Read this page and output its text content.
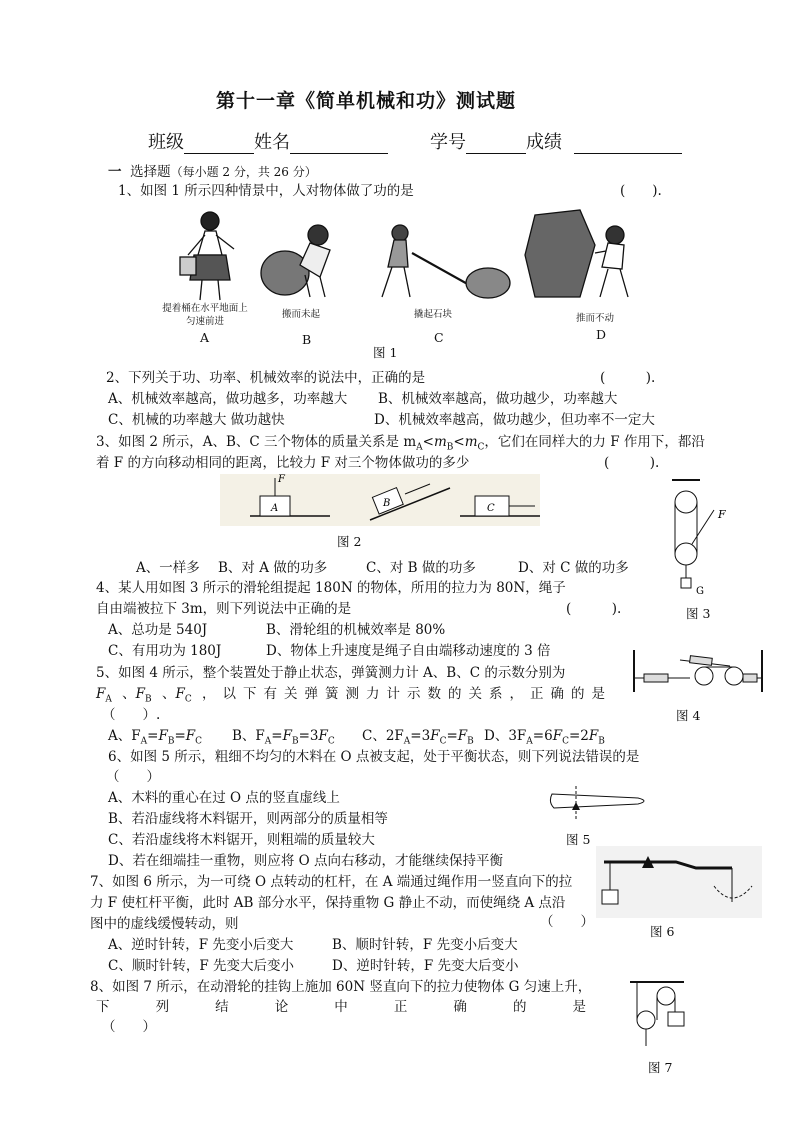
第十一章《简单机械和功》测试题
班级	姓名	学号	成绩
一 选择题（每小题 2 分，共 26 分）
1、如图 1 所示四种情景中，人对物体做了功的是	(　　).
提着桶在水平地面上匀速前进
搬而未起	撬起石块	推而不动
A	B	C	D
图 1
2、下列关于功、功率、机械效率的说法中，正确的是	(　　　).
A、机械效率越高，做功越多，功率越大 B、机械效率越高，做功越少，功率越大
C、机械的功率越大 做功越快	D、机械效率越高，做功越少，但功率不一定大
3、如图 2 所示，A、B、C 三个物体的质量关系是 $m_A<m_B<m_C$，它们在同样大的力 F 作用下，都沿
着 F 的方向移动相同的距离，比较力 F 对三个物体做功的多少	(　　　).
F
A	B	C
图 2
A、一样多 B、对 A 做的功多	C、对 B 做的功多	D、对 C 做的功多
F
G
图 3
4、某人用如图 3 所示的滑轮组提起 180N 的物体，所用的拉力为 80N，绳子
自由端被拉下 3m，则下列说法中正确的是	(　　　).
A、总功是 540J	B、滑轮组的机械效率是 80%
C、有用功为 180J	D、物体上升速度是绳子自由端移动速度的 3 倍
图 4
5、如图 4 所示，整个装置处于静止状态，弹簧测力计 A、B、C 的示数分别为
$F_A$ 、$F_B$ 、$F_C$ ，以下有关弹簧测力计示数的关系，正确的是
（　　）.
A、$F_A=F_B=F_C$ B、$F_A=F_B=3F_C$ C、$2F_A=3F_C=F_B$ D、$3F_A=6F_C=2F_B$
6、如图 5 所示，粗细不均匀的木料在 O 点被支起，处于平衡状态，则下列说法错误的是
（　　）
A、木料的重心在过 O 点的竖直虚线上
B、若沿虚线将木料锯开，则两部分的质量相等
C、若沿虚线将木料锯开，则粗端的质量较大
D、若在细端挂一重物，则应将 O 点向右移动，才能继续保持平衡
图 5
7、如图 6 所示，为一可绕 O 点转动的杠杆，在 A 端通过绳作用一竖直向下的拉
力 F 使杠杆平衡，此时 AB 部分水平，保持重物 G 静止不动，而使绳绕 A 点沿
图中的虚线缓慢转动，则	（　　）
A、逆时针转，F 先变小后变大	B、顺时针转，F 先变小后变大
C、顺时针转，F 先变大后变小	D、逆时针转，F 先变大后变小
图 6
8、如图 7 所示，在动滑轮的挂钩上施加 60N 竖直向下的拉力使物体 G 匀速上升，
下	列	结	论	中	正	确	的	是
（　　）
图 7
